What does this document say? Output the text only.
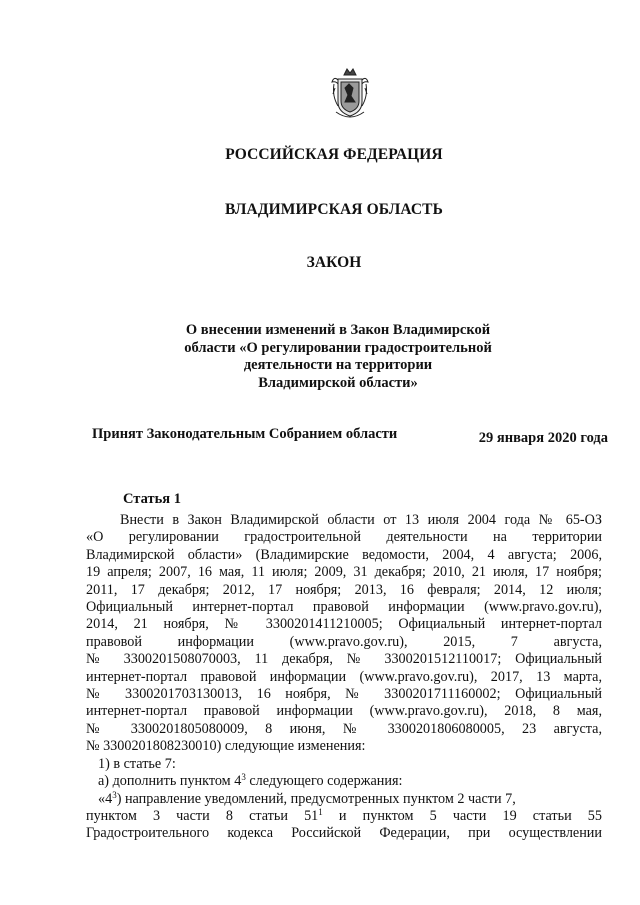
РОССИЙСКАЯ ФЕДЕРАЦИЯ
ВЛАДИМИРСКАЯ ОБЛАСТЬ
ЗАКОН
О внесении изменений в Закон Владимирской
области «О регулировании градостроительной
деятельности на территории
Владимирской области»
Принят Законодательным Собранием области	29 января 2020 года
Статья 1
Внести в Закон Владимирской области от 13 июля 2004 года № 65-ОЗ
«О регулировании градостроительной деятельности на территории
Владимирской области» (Владимирские ведомости, 2004, 4 августа; 2006,
19 апреля; 2007, 16 мая, 11 июля; 2009, 31 декабря; 2010, 21 июля, 17 ноября;
2011, 17 декабря; 2012, 17 ноября; 2013, 16 февраля; 2014, 12 июля;
Официальный интернет-портал правовой информации (www.pravo.gov.ru),
2014, 21 ноября, № 3300201411210005; Официальный интернет-портал
правовой информации (www.pravo.gov.ru), 2015, 7 августа,
№ 3300201508070003, 11 декабря, № 3300201512110017; Официальный
интернет-портал правовой информации (www.pravo.gov.ru), 2017, 13 марта,
№ 3300201703130013, 16 ноября, № 3300201711160002; Официальный
интернет-портал правовой информации (www.pravo.gov.ru), 2018, 8 мая,
№ 3300201805080009, 8 июня, № 3300201806080005, 23 августа,
№ 3300201808230010) следующие изменения:
1) в статье 7:
а) дополнить пунктом $4^3$ следующего содержания:
«$4^3$) направление уведомлений, предусмотренных пунктом 2 части 7,
пунктом 3 части 8 статьи $51^1$ и пунктом 5 части 19 статьи 55
Градостроительного кодекса Российской Федерации, при осуществлении
